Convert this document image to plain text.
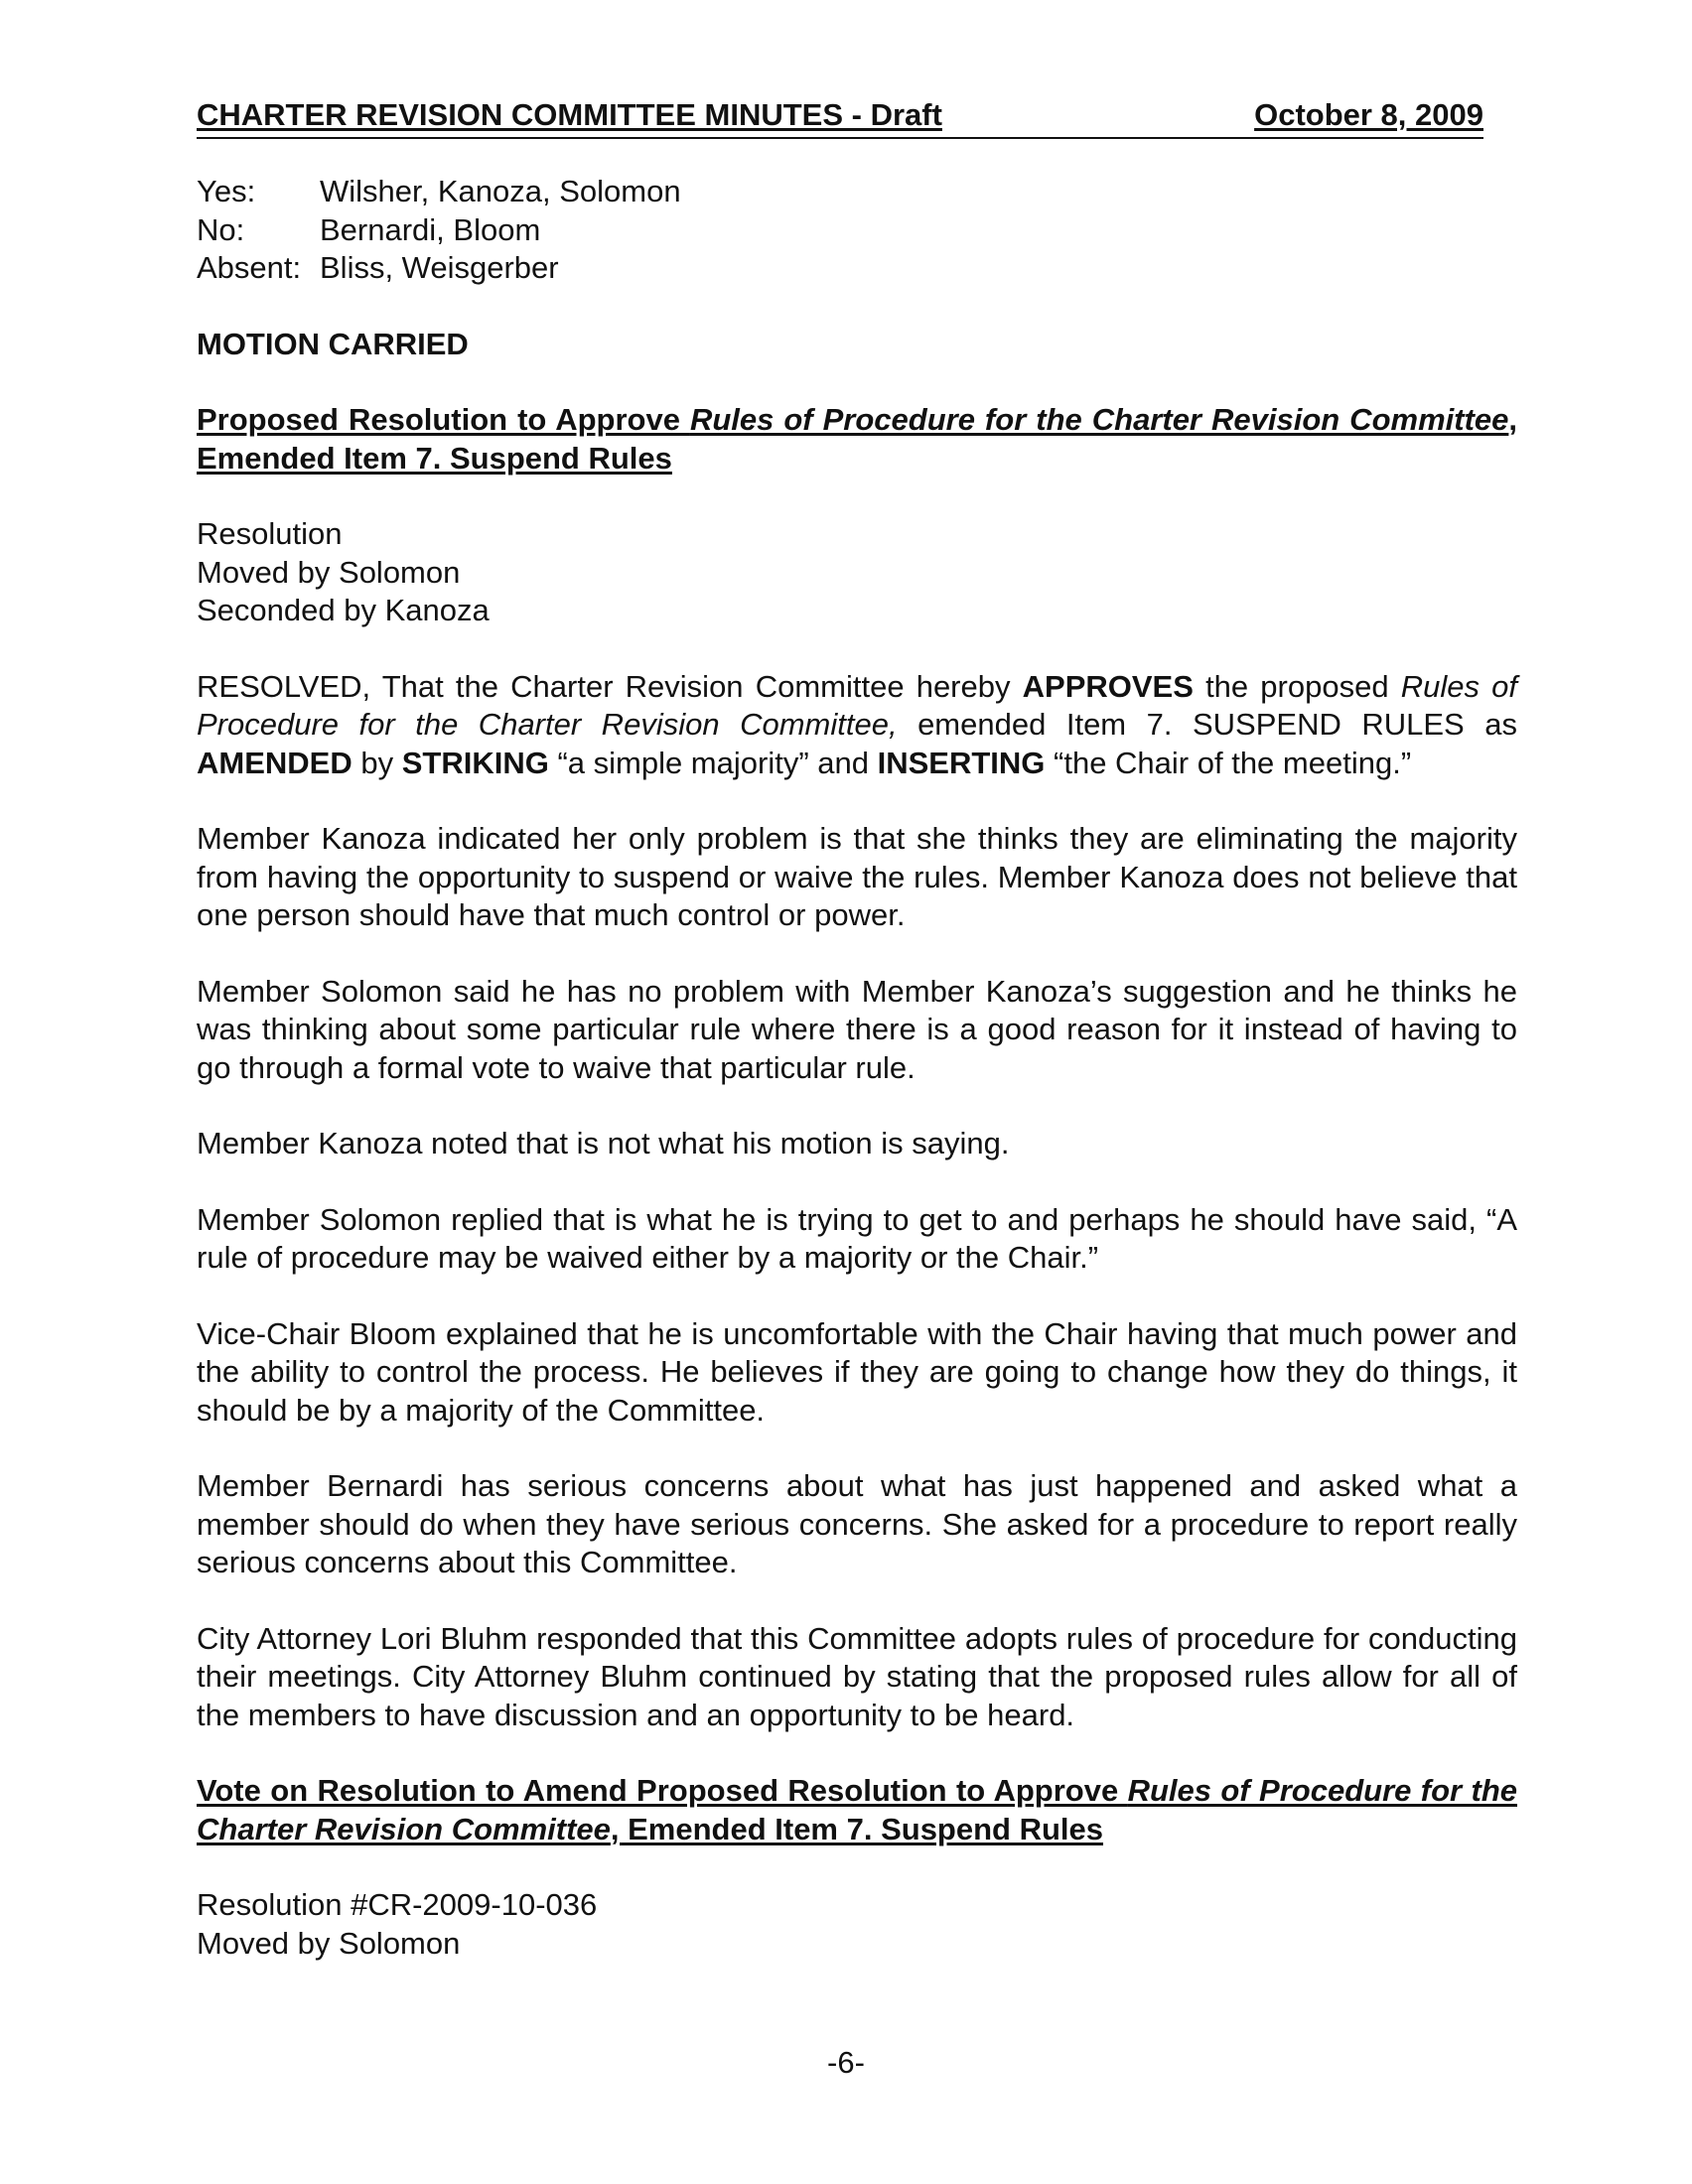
CHARTER REVISION COMMITTEE MINUTES - Draft	October 8, 2009
Yes:	Wilsher, Kanoza, Solomon
No:	Bernardi, Bloom
Absent: Bliss, Weisgerber
MOTION CARRIED
Proposed Resolution to Approve Rules of Procedure for the Charter Revision Committee, Emended Item 7. Suspend Rules
Resolution
Moved by Solomon
Seconded by Kanoza

RESOLVED, That the Charter Revision Committee hereby APPROVES the proposed Rules of Procedure for the Charter Revision Committee, emended Item 7. SUSPEND RULES as AMENDED by STRIKING “a simple majority” and INSERTING “the Chair of the meeting.”

Member Kanoza indicated her only problem is that she thinks they are eliminating the majority from having the opportunity to suspend or waive the rules. Member Kanoza does not believe that one person should have that much control or power.

Member Solomon said he has no problem with Member Kanoza’s suggestion and he thinks he was thinking about some particular rule where there is a good reason for it instead of having to go through a formal vote to waive that particular rule.

Member Kanoza noted that is not what his motion is saying.

Member Solomon replied that is what he is trying to get to and perhaps he should have said, “A rule of procedure may be waived either by a majority or the Chair.”

Vice-Chair Bloom explained that he is uncomfortable with the Chair having that much power and the ability to control the process. He believes if they are going to change how they do things, it should be by a majority of the Committee.

Member Bernardi has serious concerns about what has just happened and asked what a member should do when they have serious concerns. She asked for a procedure to report really serious concerns about this Committee.

City Attorney Lori Bluhm responded that this Committee adopts rules of procedure for conducting their meetings. City Attorney Bluhm continued by stating that the proposed rules allow for all of the members to have discussion and an opportunity to be heard.

Vote on Resolution to Amend Proposed Resolution to Approve Rules of Procedure for the Charter Revision Committee, Emended Item 7. Suspend Rules
Resolution #CR-2009-10-036
Moved by Solomon
-6-
